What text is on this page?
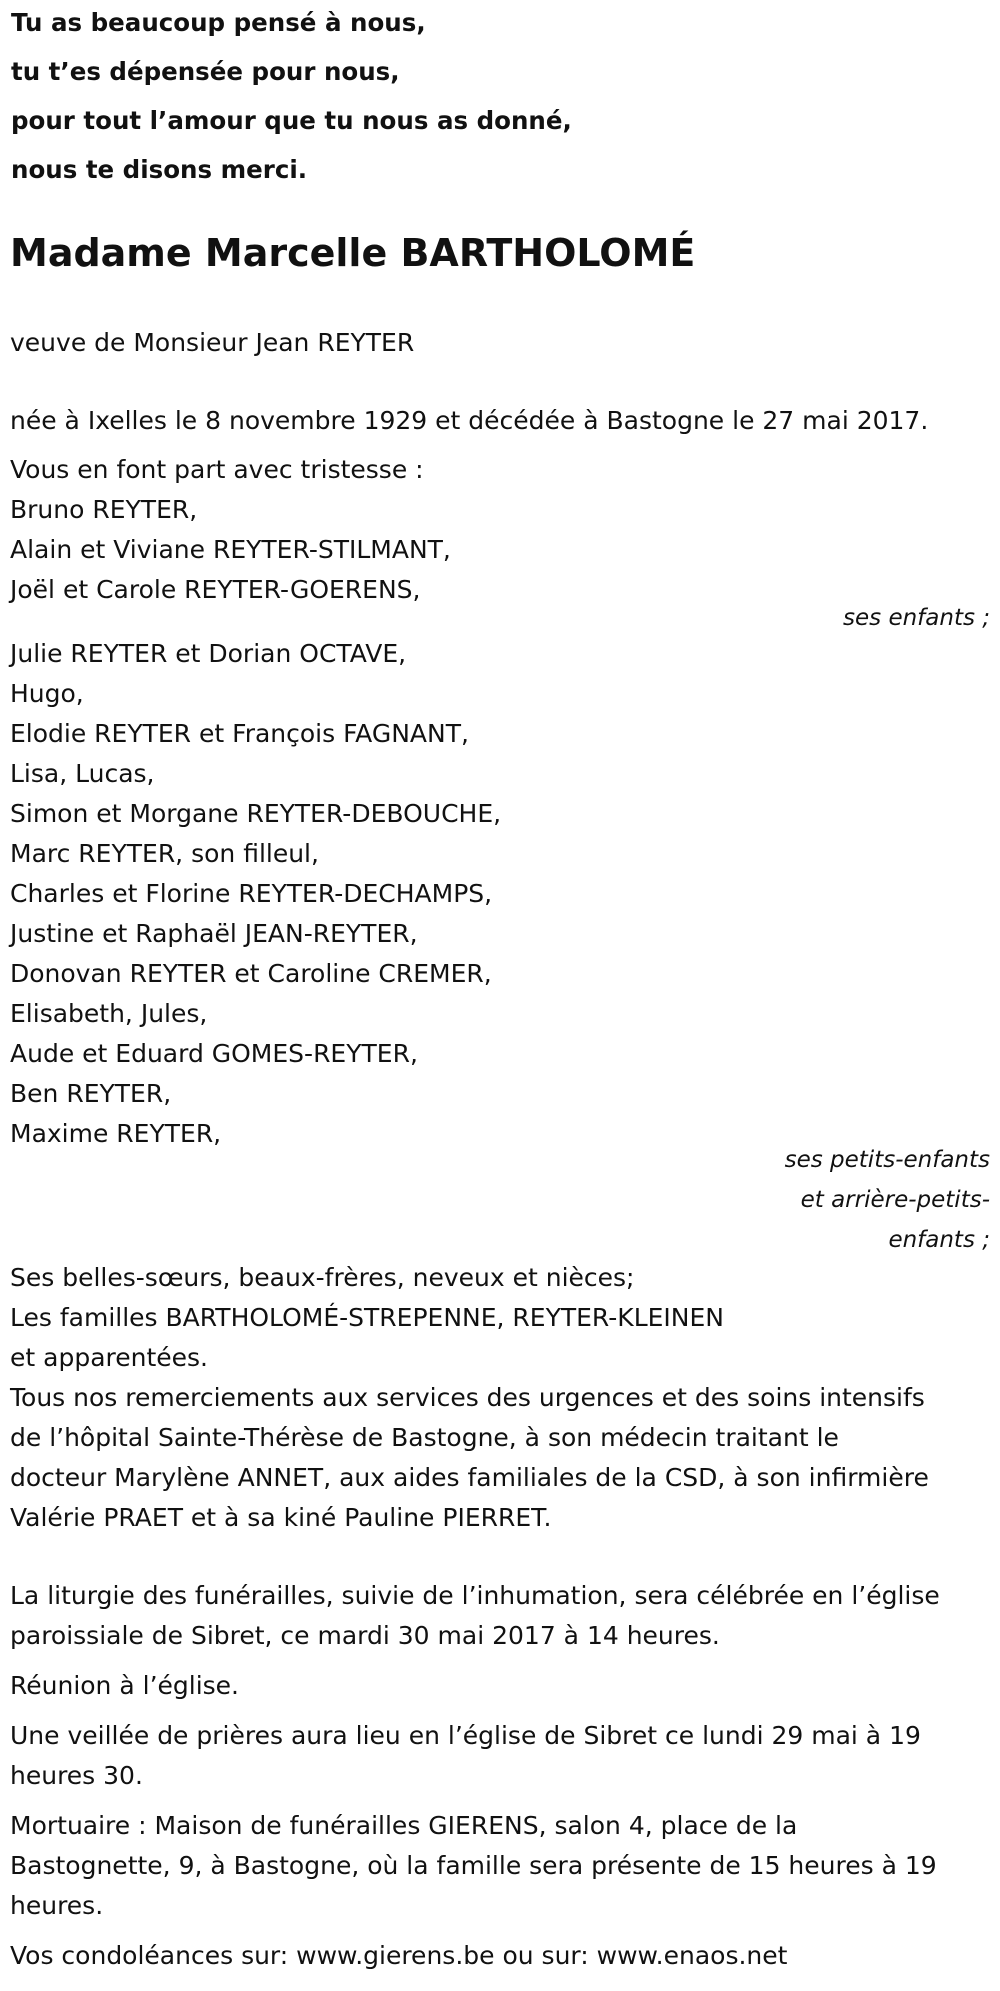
Tu as beaucoup pensé à nous,
tu t’es dépensée pour nous,
pour tout l’amour que tu nous as donné,
nous te disons merci.
Madame Marcelle BARTHOLOMÉ
veuve de Monsieur Jean REYTER
née à Ixelles le 8 novembre 1929 et décédée à Bastogne le 27 mai 2017.
Vous en font part avec tristesse :
Bruno REYTER,
Alain et Viviane REYTER-STILMANT,
Joël et Carole REYTER-GOERENS,
ses enfants ;
Julie REYTER et Dorian OCTAVE,
Hugo,
Elodie REYTER et François FAGNANT,
Lisa, Lucas,
Simon et Morgane REYTER-DEBOUCHE,
Marc REYTER, son filleul,
Charles et Florine REYTER-DECHAMPS,
Justine et Raphaël JEAN-REYTER,
Donovan REYTER et Caroline CREMER,
Elisabeth, Jules,
Aude et Eduard GOMES-REYTER,
Ben REYTER,
Maxime REYTER,
ses petits-enfants
et arrière-petits-
enfants ;
Ses belles-sœurs, beaux-frères, neveux et nièces;
Les familles BARTHOLOMÉ-STREPENNE, REYTER-KLEINEN
et apparentées.
Tous nos remerciements aux services des urgences et des soins intensifs
de l’hôpital Sainte-Thérèse de Bastogne, à son médecin traitant le
docteur Marylène ANNET, aux aides familiales de la CSD, à son infirmière
Valérie PRAET et à sa kiné Pauline PIERRET.
La liturgie des funérailles, suivie de l’inhumation, sera célébrée en l’église
paroissiale de Sibret, ce mardi 30 mai 2017 à 14 heures.
Réunion à l’église.
Une veillée de prières aura lieu en l’église de Sibret ce lundi 29 mai à 19
heures 30.
Mortuaire : Maison de funérailles GIERENS, salon 4, place de la
Bastognette, 9, à Bastogne, où la famille sera présente de 15 heures à 19
heures.
Vos condoléances sur: www.gierens.be ou sur: www.enaos.net
